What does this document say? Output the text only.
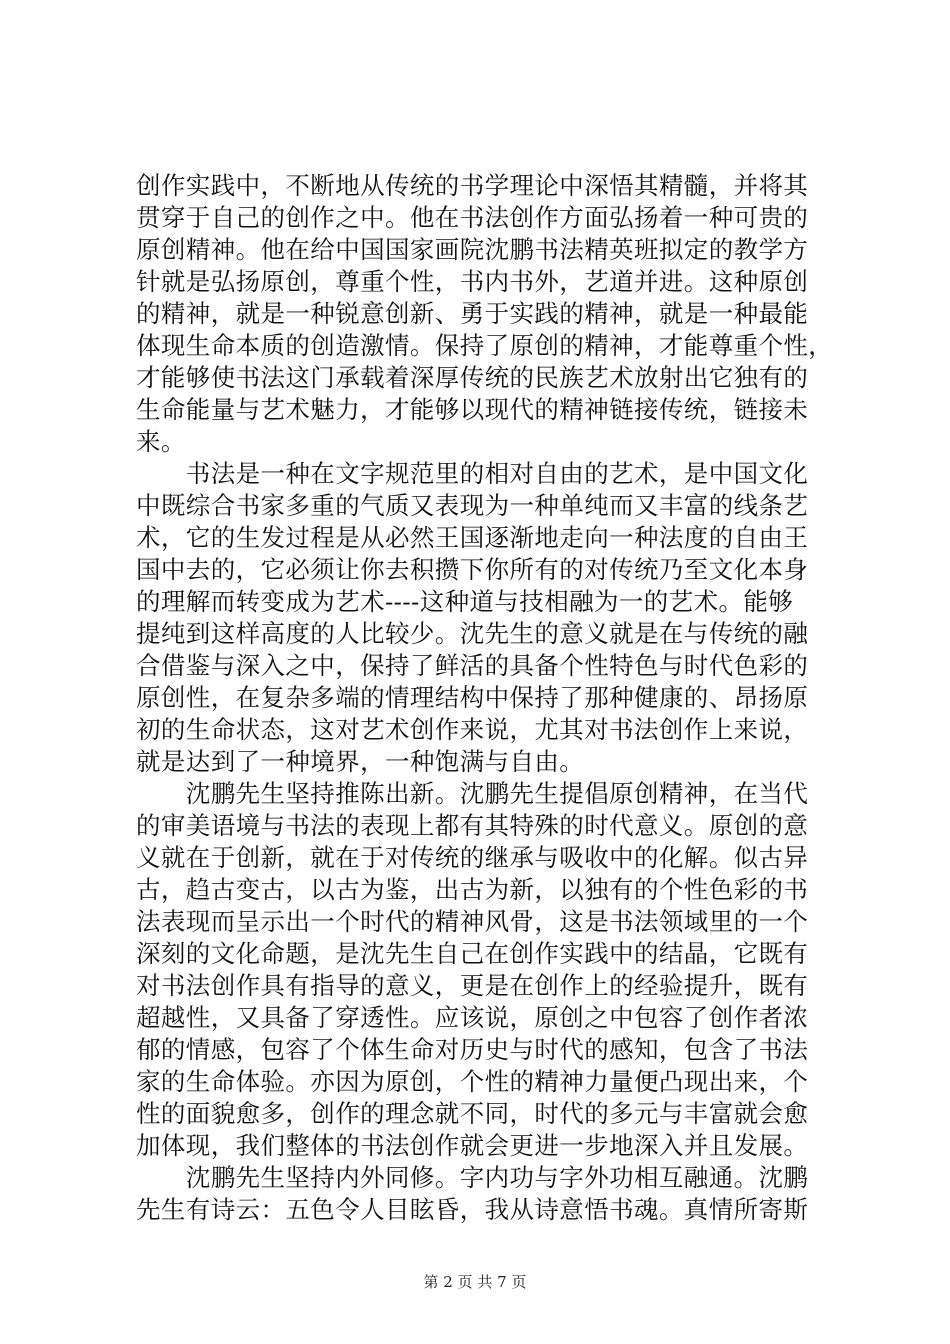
创作实践中，不断地从传统的书学理论中深悟其精髓，并将其
贯穿于自己的创作之中。他在书法创作方面弘扬着一种可贵的
原创精神。他在给中国国家画院沈鹏书法精英班拟定的教学方
针就是弘扬原创，尊重个性，书内书外，艺道并进。这种原创
的精神，就是一种锐意创新、勇于实践的精神，就是一种最能
体现生命本质的创造激情。保持了原创的精神，才能尊重个性，
才能够使书法这门承载着深厚传统的民族艺术放射出它独有的
生命能量与艺术魅力，才能够以现代的精神链接传统，链接未
来。
　　书法是一种在文字规范里的相对自由的艺术，是中国文化
中既综合书家多重的气质又表现为一种单纯而又丰富的线条艺
术，它的生发过程是从必然王国逐渐地走向一种法度的自由王
国中去的，它必须让你去积攒下你所有的对传统乃至文化本身
的理解而转变成为艺术----这种道与技相融为一的艺术。能够
提纯到这样高度的人比较少。沈先生的意义就是在与传统的融
合借鉴与深入之中，保持了鲜活的具备个性特色与时代色彩的
原创性，在复杂多端的情理结构中保持了那种健康的、昂扬原
初的生命状态，这对艺术创作来说，尤其对书法创作上来说，
就是达到了一种境界，一种饱满与自由。
　　沈鹏先生坚持推陈出新。沈鹏先生提倡原创精神，在当代
的审美语境与书法的表现上都有其特殊的时代意义。原创的意
义就在于创新，就在于对传统的继承与吸收中的化解。似古异
古，趋古变古，以古为鉴，出古为新，以独有的个性色彩的书
法表现而呈示出一个时代的精神风骨，这是书法领域里的一个
深刻的文化命题，是沈先生自己在创作实践中的结晶，它既有
对书法创作具有指导的意义，更是在创作上的经验提升，既有
超越性，又具备了穿透性。应该说，原创之中包容了创作者浓
郁的情感，包容了个体生命对历史与时代的感知，包含了书法
家的生命体验。亦因为原创，个性的精神力量便凸现出来，个
性的面貌愈多，创作的理念就不同，时代的多元与丰富就会愈
加体现，我们整体的书法创作就会更进一步地深入并且发展。
　　沈鹏先生坚持内外同修。字内功与字外功相互融通。沈鹏
先生有诗云：五色令人目眩昏，我从诗意悟书魂。真情所寄斯
第 2 页 共 7 页
